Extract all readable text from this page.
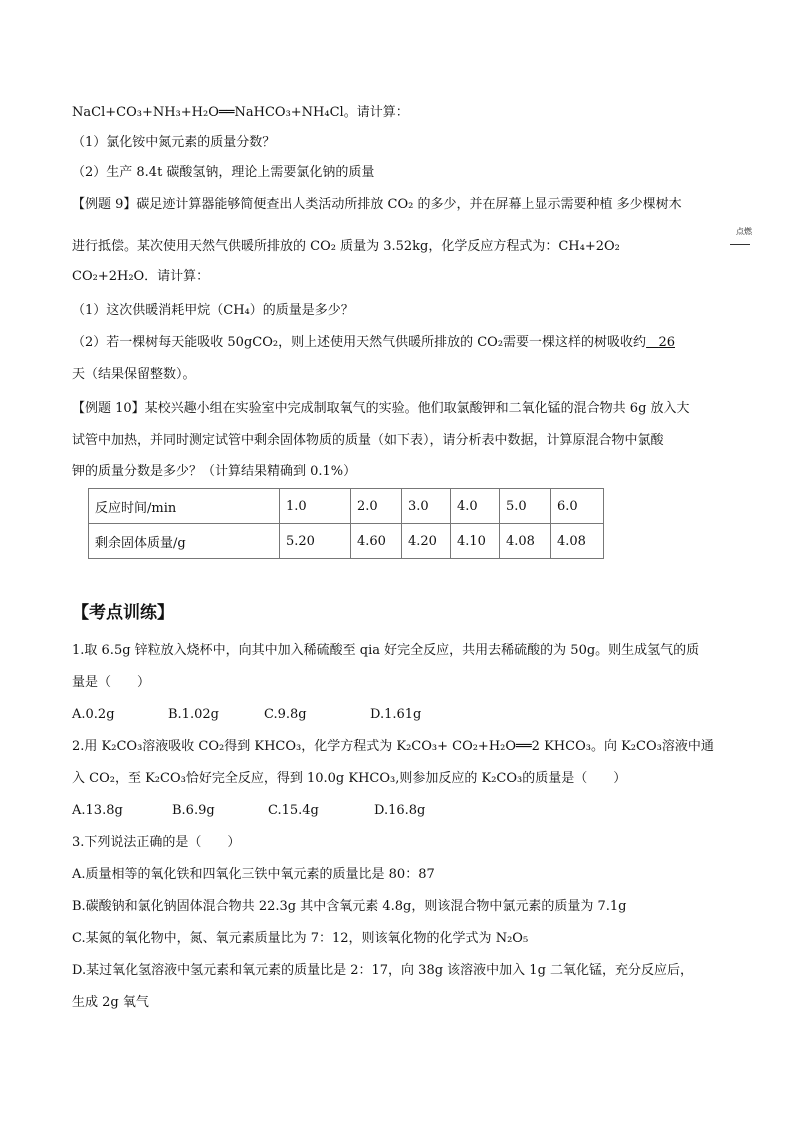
NaCl+CO₃+NH₃+H₂O══NaHCO₃+NH₄Cl。请计算：
（1）氯化铵中氮元素的质量分数？
（2）生产 8.4t 碳酸氢钠，理论上需要氯化钠的质量
【例题 9】碳足迹计算器能够简便查出人类活动所排放 CO₂ 的多少，并在屏幕上显示需要种植 多少棵树木
进行抵偿。某次使用天然气供暖所排放的 CO₂ 质量为 3.52kg，化学反应方程式为：CH₄+2O₂
点燃
CO₂+2H₂O．请计算：
（1）这次供暖消耗甲烷（CH₄）的质量是多少？
（2）若一棵树每天能吸收 50gCO₂，则上述使用天然气供暖所排放的 CO₂需要一棵这样的树吸收约 26
天（结果保留整数）。
【例题 10】某校兴趣小组在实验室中完成制取氧气的实验。他们取氯酸钾和二氧化锰的混合物共 6g 放入大
试管中加热，并同时测定试管中剩余固体物质的质量（如下表），请分析表中数据，计算原混合物中氯酸
钾的质量分数是多少？（计算结果精确到 0.1%）
反应时间/min	1.0	2.0	3.0	4.0	5.0	6.0
剩余固体质量/g	5.20	4.60	4.20	4.10	4.08	4.08
【考点训练】
1.取 6.5g 锌粒放入烧杯中，向其中加入稀硫酸至 qia 好完全反应，共用去稀硫酸的为 50g。则生成氢气的质
量是（　　）
A.0.2g	B.1.02g	C.9.8g	D.1.61g
2.用 K₂CO₃溶液吸收 CO₂得到 KHCO₃，化学方程式为 K₂CO₃+ CO₂+H₂O══2 KHCO₃。向 K₂CO₃溶液中通
入 CO₂，至 K₂CO₃恰好完全反应，得到 10.0g KHCO₃,则参加反应的 K₂CO₃的质量是（　　）
A.13.8g	B.6.9g	C.15.4g	D.16.8g
3.下列说法正确的是（　　）
A.质量相等的氧化铁和四氧化三铁中氧元素的质量比是 80：87
B.碳酸钠和氯化钠固体混合物共 22.3g 其中含氧元素 4.8g，则该混合物中氯元素的质量为 7.1g
C.某氮的氧化物中，氮、氧元素质量比为 7：12，则该氧化物的化学式为 N₂O₅
D.某过氧化氢溶液中氢元素和氧元素的质量比是 2：17，向 38g 该溶液中加入 1g 二氧化锰，充分反应后，
生成 2g 氧气
